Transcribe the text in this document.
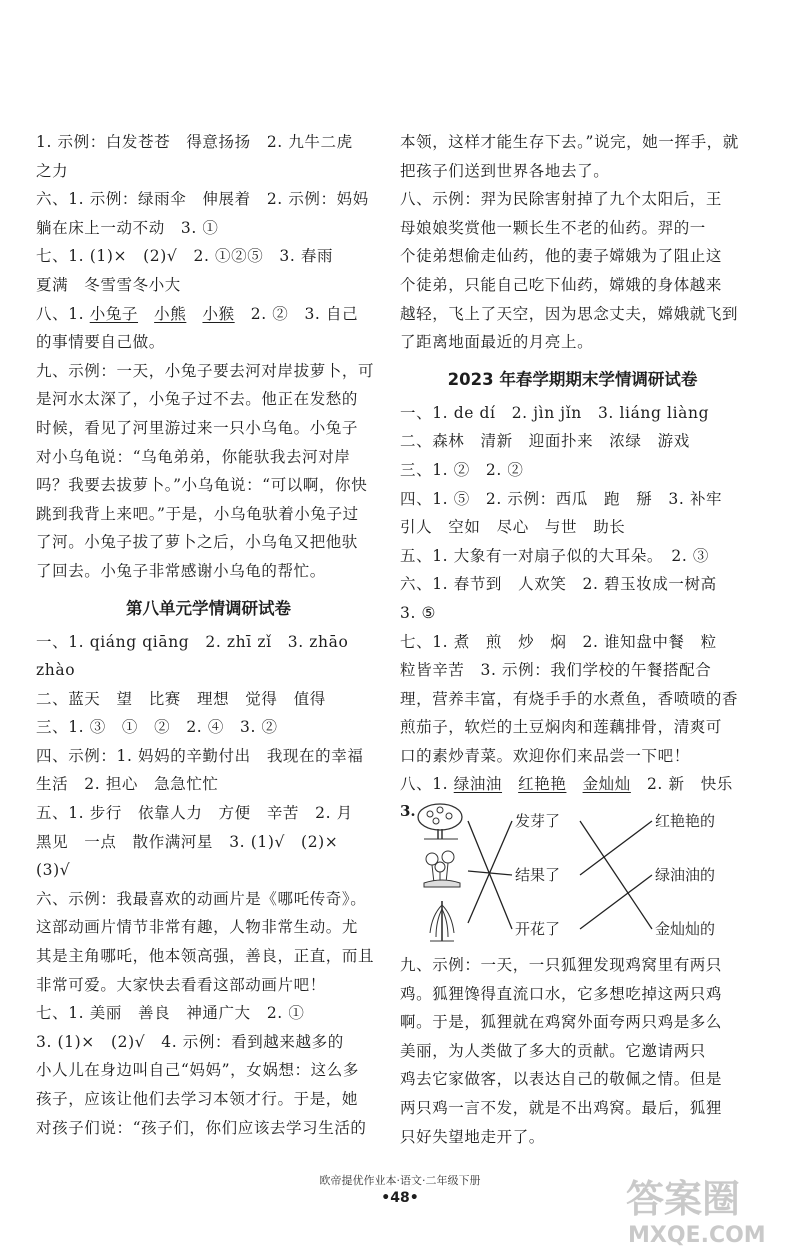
1. 示例：白发苍苍　得意扬扬　2. 九牛二虎
之力
六、1. 示例：绿雨伞　伸展着　2. 示例：妈妈
躺在床上一动不动　3. ①
七、1. (1)×　(2)√　2. ①②⑤　3. 春雨
夏满　冬雪雪冬小大
八、1. 小兔子　 小熊　 小猴　2. ②　3. 自己
的事情要自己做。
九、示例：一天，小兔子要去河对岸拔萝卜，可
是河水太深了，小兔子过不去。他正在发愁的
时候，看见了河里游过来一只小乌龟。小兔子
对小乌龟说：“乌龟弟弟，你能驮我去河对岸
吗？我要去拔萝卜。”小乌龟说：“可以啊，你快
跳到我背上来吧。”于是，小乌龟驮着小兔子过
了河。小兔子拔了萝卜之后，小乌龟又把他驮
了回去。小兔子非常感谢小乌龟的帮忙。
第八单元学情调研试卷
一、1. qiáng qiāng　2. zhī zǐ　3. zhāo
zhào
二、蓝天　望　比赛　理想　觉得　值得
三、1. ③　①　②　2. ④　3. ②
四、示例：1. 妈妈的辛勤付出　我现在的幸福
生活　2. 担心　急急忙忙
五、1. 步行　依靠人力　方便　辛苦　2. 月
黑见　一点　散作满河星　3. (1)√　(2)×
(3)√
六、示例：我最喜欢的动画片是《哪吒传奇》。
这部动画片情节非常有趣，人物非常生动。尤
其是主角哪吒，他本领高强，善良，正直，而且
非常可爱。大家快去看看这部动画片吧！
七、1. 美丽　善良　神通广大　2. ①
3. (1)×　(2)√　4. 示例：看到越来越多的
小人儿在身边叫自己“妈妈”，女娲想：这么多
孩子，应该让他们去学习本领才行。于是，她
对孩子们说：“孩子们，你们应该去学习生活的
本领，这样才能生存下去。”说完，她一挥手，就
把孩子们送到世界各地去了。
八、示例：羿为民除害射掉了九个太阳后，王
母娘娘奖赏他一颗长生不老的仙药。羿的一
个徒弟想偷走仙药，他的妻子嫦娥为了阻止这
个徒弟，只能自己吃下仙药，嫦娥的身体越来
越轻，飞上了天空，因为思念丈夫，嫦娥就飞到
了距离地面最近的月亮上。
2023 年春学期期末学情调研试卷
一、1. de dí　2. jìn jǐn　3. liáng liàng
二、森林　清新　迎面扑来　浓绿　游戏
三、1. ②　2. ②
四、1. ⑤　2. 示例：西瓜　跑　掰　3. 补牢
引人　空如　尽心　与世　助长
五、1. 大象有一对扇子似的大耳朵。　2. ③
六、1. 春节到　人欢笑　2. 碧玉妆成一树高
3. ⑤
七、1. 煮　煎　炒　焖　2. 谁知盘中餐　粒
粒皆辛苦　3. 示例：我们学校的午餐搭配合
理，营养丰富，有烧手手的水煮鱼，香喷喷的香
煎茄子，软烂的土豆焖肉和莲藕排骨，清爽可
口的素炒青菜。欢迎你们来品尝一下吧！
八、1. 绿油油　 红艳艳　 金灿灿　2. 新　快乐
3.
发芽了
结果了
开花了
红艳艳的
绿油油的
金灿灿的
九、示例：一天，一只狐狸发现鸡窝里有两只
鸡。狐狸馋得直流口水，它多想吃掉这两只鸡
啊。于是，狐狸就在鸡窝外面夸两只鸡是多么
美丽，为人类做了多大的贡献。它邀请两只
鸡去它家做客，以表达自己的敬佩之情。但是
两只鸡一言不发，就是不出鸡窝。最后，狐狸
只好失望地走开了。
欧帝提优作业本·语文·二年级下册
•48•	答案圈
MXQE.COM
